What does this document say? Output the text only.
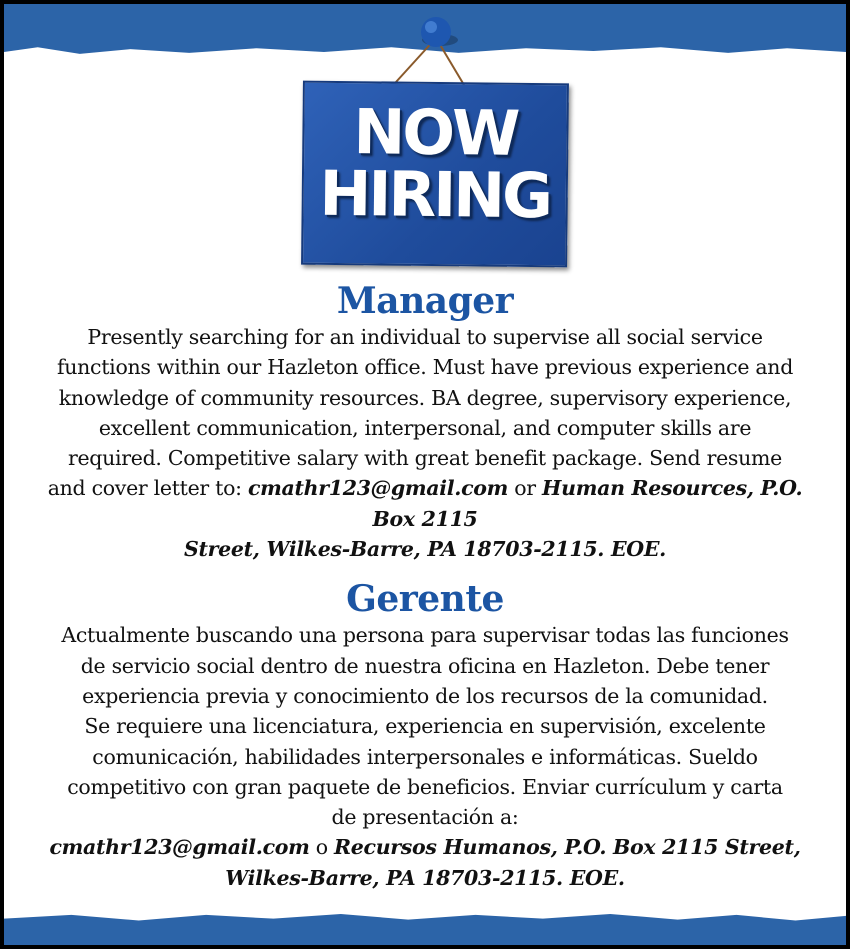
NOW
HIRING
Manager

Presently searching for an individual to supervise all social service
functions within our Hazleton office. Must have previous experience and
knowledge of community resources. BA degree, supervisory experience,
excellent communication, interpersonal, and computer skills are
required. Competitive salary with great benefit package. Send resume
and cover letter to: cmathr123@gmail.com or Human Resources, P.O.
Box 2115
Street, Wilkes-Barre, PA 18703-2115. EOE.

Gerente

Actualmente buscando una persona para supervisar todas las funciones
de servicio social dentro de nuestra oficina en Hazleton. Debe tener
experiencia previa y conocimiento de los recursos de la comunidad.
Se requiere una licenciatura, experiencia en supervisión, excelente
comunicación, habilidades interpersonales e informáticas. Sueldo
competitivo con gran paquete de beneficios. Enviar currículum y carta
de presentación a:
cmathr123@gmail.com o Recursos Humanos, P.O. Box 2115 Street,
Wilkes-Barre, PA 18703-2115. EOE.
